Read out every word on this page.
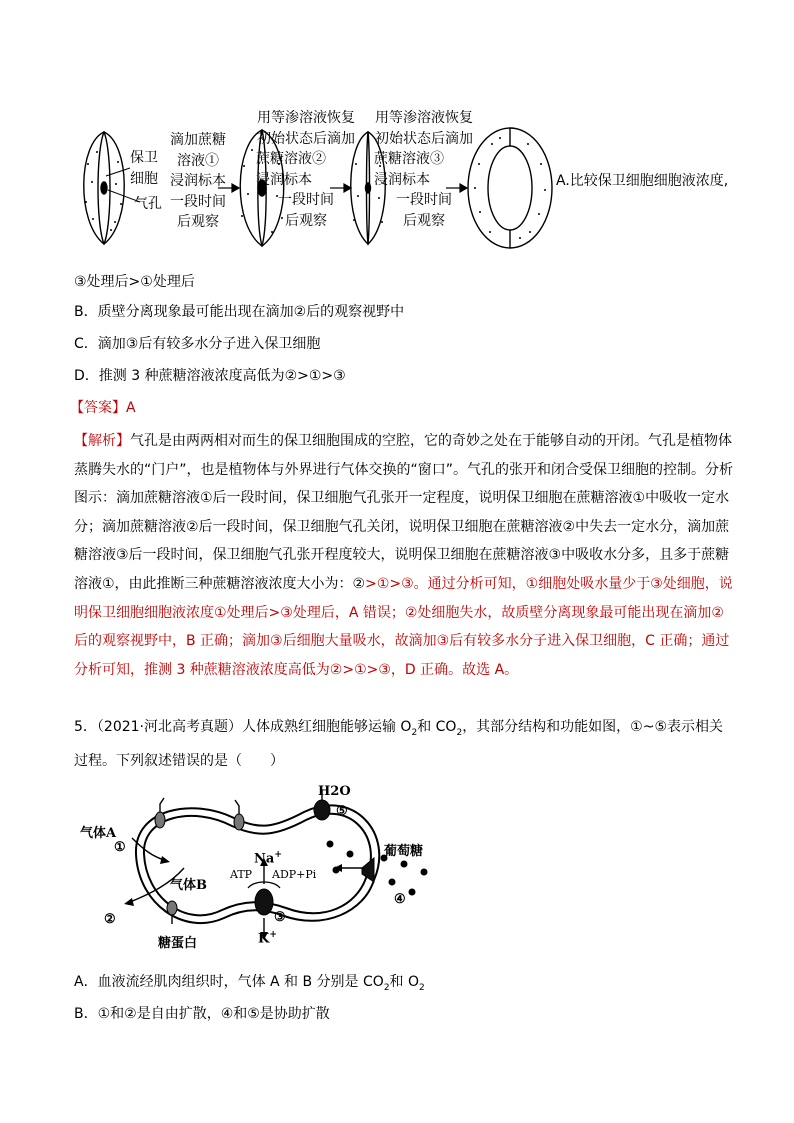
保卫
细胞
气孔
滴加蔗糖
溶液①
浸润标本
一段时间
后观察
用等渗溶液恢复
初始状态后滴加
蔗糖溶液②
浸润标本
一段时间
后观察
用等渗溶液恢复
初始状态后滴加
蔗糖溶液③
浸润标本
一段时间
后观察
A.比较保卫细胞细胞液浓度,
③处理后>①处理后
B．质壁分离现象最可能出现在滴加②后的观察视野中
C．滴加③后有较多水分子进入保卫细胞
D．推测 3 种蔗糖溶液浓度高低为②>①>③
【答案】A
【解析】气孔是由两两相对而生的保卫细胞围成的空腔，它的奇妙之处在于能够自动的开闭。气孔是植物体蒸腾失水的“门户”，也是植物体与外界进行气体交换的“窗口”。气孔的张开和闭合受保卫细胞的控制。分析图示：滴加蔗糖溶液①后一段时间，保卫细胞气孔张开一定程度，说明保卫细胞在蔗糖溶液①中吸收一定水分；滴加蔗糖溶液②后一段时间，保卫细胞气孔关闭，说明保卫细胞在蔗糖溶液②中失去一定水分，滴加蔗糖溶液③后一段时间，保卫细胞气孔张开程度较大，说明保卫细胞在蔗糖溶液③中吸收水分多，且多于蔗糖溶液①，由此推断三种蔗糖溶液浓度大小为：②>①>③。通过分析可知，①细胞处吸水量少于③处细胞，说明保卫细胞细胞液浓度①处理后>③处理后，A 错误；②处细胞失水，故质壁分离现象最可能出现在滴加②后的观察视野中，B 正确；滴加③后细胞大量吸水，故滴加③后有较多水分子进入保卫细胞，C 正确；通过分析可知，推测 3 种蔗糖溶液浓度高低为②>①>③，D 正确。故选 A。
5．（2021·河北高考真题）人体成熟红细胞能够运输 $O_2$和 $CO_2$，其部分结构和功能如图，①~⑤表示相关过程。下列叙述错误的是（　　）
H2O
⑤
气体A
①	葡萄糖
Na+
ATP ADP+Pi
气体B
④
③
②
糖蛋白	K+
A．血液流经肌肉组织时，气体 A 和 B 分别是 $CO_2$和 $O_2$
B．①和②是自由扩散，④和⑤是协助扩散
